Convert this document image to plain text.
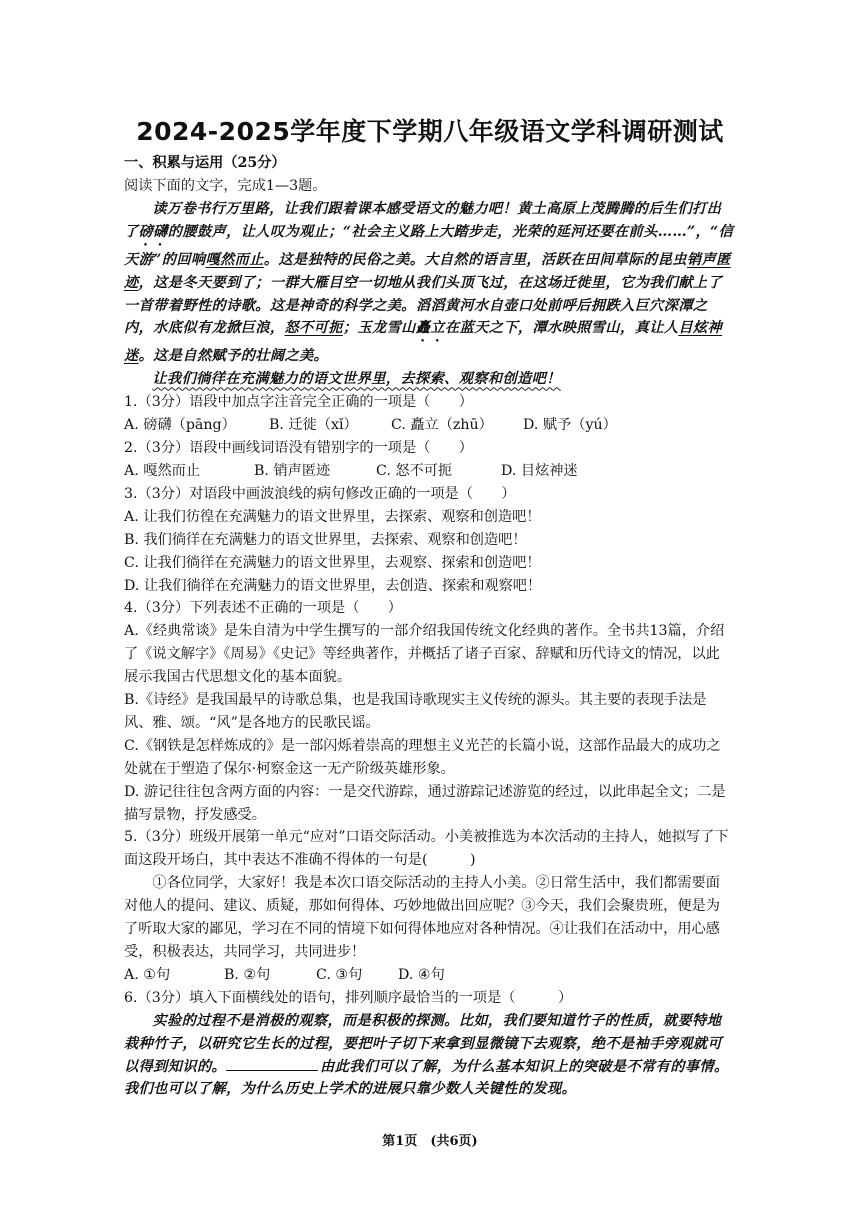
2024-2025学年度下学期八年级语文学科调研测试

一、积累与运用（25分）

阅读下面的文字，完成1—3题。

读万卷书行万里路，让我们跟着课本感受语文的魅力吧！黄土高原上茂腾腾的后生们打出了磅礴的腰鼓声，让人叹为观止；“社会主义路上大踏步走，光荣的延河还要在前头……”，“信天游”的回响嘎然而止。这是独特的民俗之美。大自然的语言里，活跃在田间草际的昆虫销声匿迹，这是冬天要到了；一群大雁目空一切地从我们头顶飞过，在这场迁徙里，它为我们献上了一首带着野性的诗歌。这是神奇的科学之美。滔滔黄河水自壶口处前呼后拥跌入巨穴深潭之内，水底似有龙掀巨浪，怒不可扼；玉龙雪山矗立在蓝天之下，潭水映照雪山，真让人目炫神迷。这是自然赋予的壮阔之美。

让我们徜徉在充满魅力的语文世界里，去探索、观察和创造吧！

1.（3分）语段中加点字注音完全正确的一项是（　　）

A. 磅礴（pāng） B. 迁徙（xǐ） C. 矗立（zhū） D. 赋予（yú）

2.（3分）语段中画线词语没有错别字的一项是（　　）

A. 嘎然而止	B. 销声匿迹	C. 怒不可扼	D. 目炫神迷

3.（3分）对语段中画波浪线的病句修改正确的一项是（　　）

A. 让我们彷徨在充满魅力的语文世界里，去探索、观察和创造吧！

B. 我们徜徉在充满魅力的语文世界里，去探索、观察和创造吧！

C. 让我们徜徉在充满魅力的语文世界里，去观察、探索和创造吧！

D. 让我们徜徉在充满魅力的语文世界里，去创造、探索和观察吧！

4.（3分）下列表述不正确的一项是（　　）

A.《经典常谈》是朱自清为中学生撰写的一部介绍我国传统文化经典的著作。全书共13篇，介绍了《说文解字》《周易》《史记》等经典著作，并概括了诸子百家、辞赋和历代诗文的情况，以此展示我国古代思想文化的基本面貌。

B.《诗经》是我国最早的诗歌总集，也是我国诗歌现实主义传统的源头。其主要的表现手法是风、雅、颂。“风”是各地方的民歌民谣。

C.《钢铁是怎样炼成的》是一部闪烁着崇高的理想主义光芒的长篇小说，这部作品最大的成功之处就在于塑造了保尔·柯察金这一无产阶级英雄形象。

D. 游记往往包含两方面的内容：一是交代游踪，通过游踪记述游览的经过，以此串起全文；二是描写景物，抒发感受。

5.（3分）班级开展第一单元“应对”口语交际活动。小美被推选为本次活动的主持人，她拟写了下面这段开场白，其中表达不准确不得体的一句是(　　　)

①各位同学，大家好！我是本次口语交际活动的主持人小美。②日常生活中，我们都需要面对他人的提问、建议、质疑，那如何得体、巧妙地做出回应呢？③今天，我们会聚贵班，便是为了听取大家的鄙见，学习在不同的情境下如何得体地应对各种情况。④让我们在活动中，用心感受，积极表达，共同学习，共同进步！

A. ①句	B. ②句	C. ③句	D. ④句

6.（3分）填入下面横线处的语句，排列顺序最恰当的一项是（　　　）

实验的过程不是消极的观察，而是积极的探测。比如，我们要知道竹子的性质，就要特地栽种竹子，以研究它生长的过程，要把叶子切下来拿到显微镜下去观察，绝不是袖手旁观就可以得到知识的。	由此我们可以了解，为什么基本知识上的突破是不常有的事情。我们也可以了解，为什么历史上学术的进展只靠少数人关键性的发现。

第1页　(共6页)
